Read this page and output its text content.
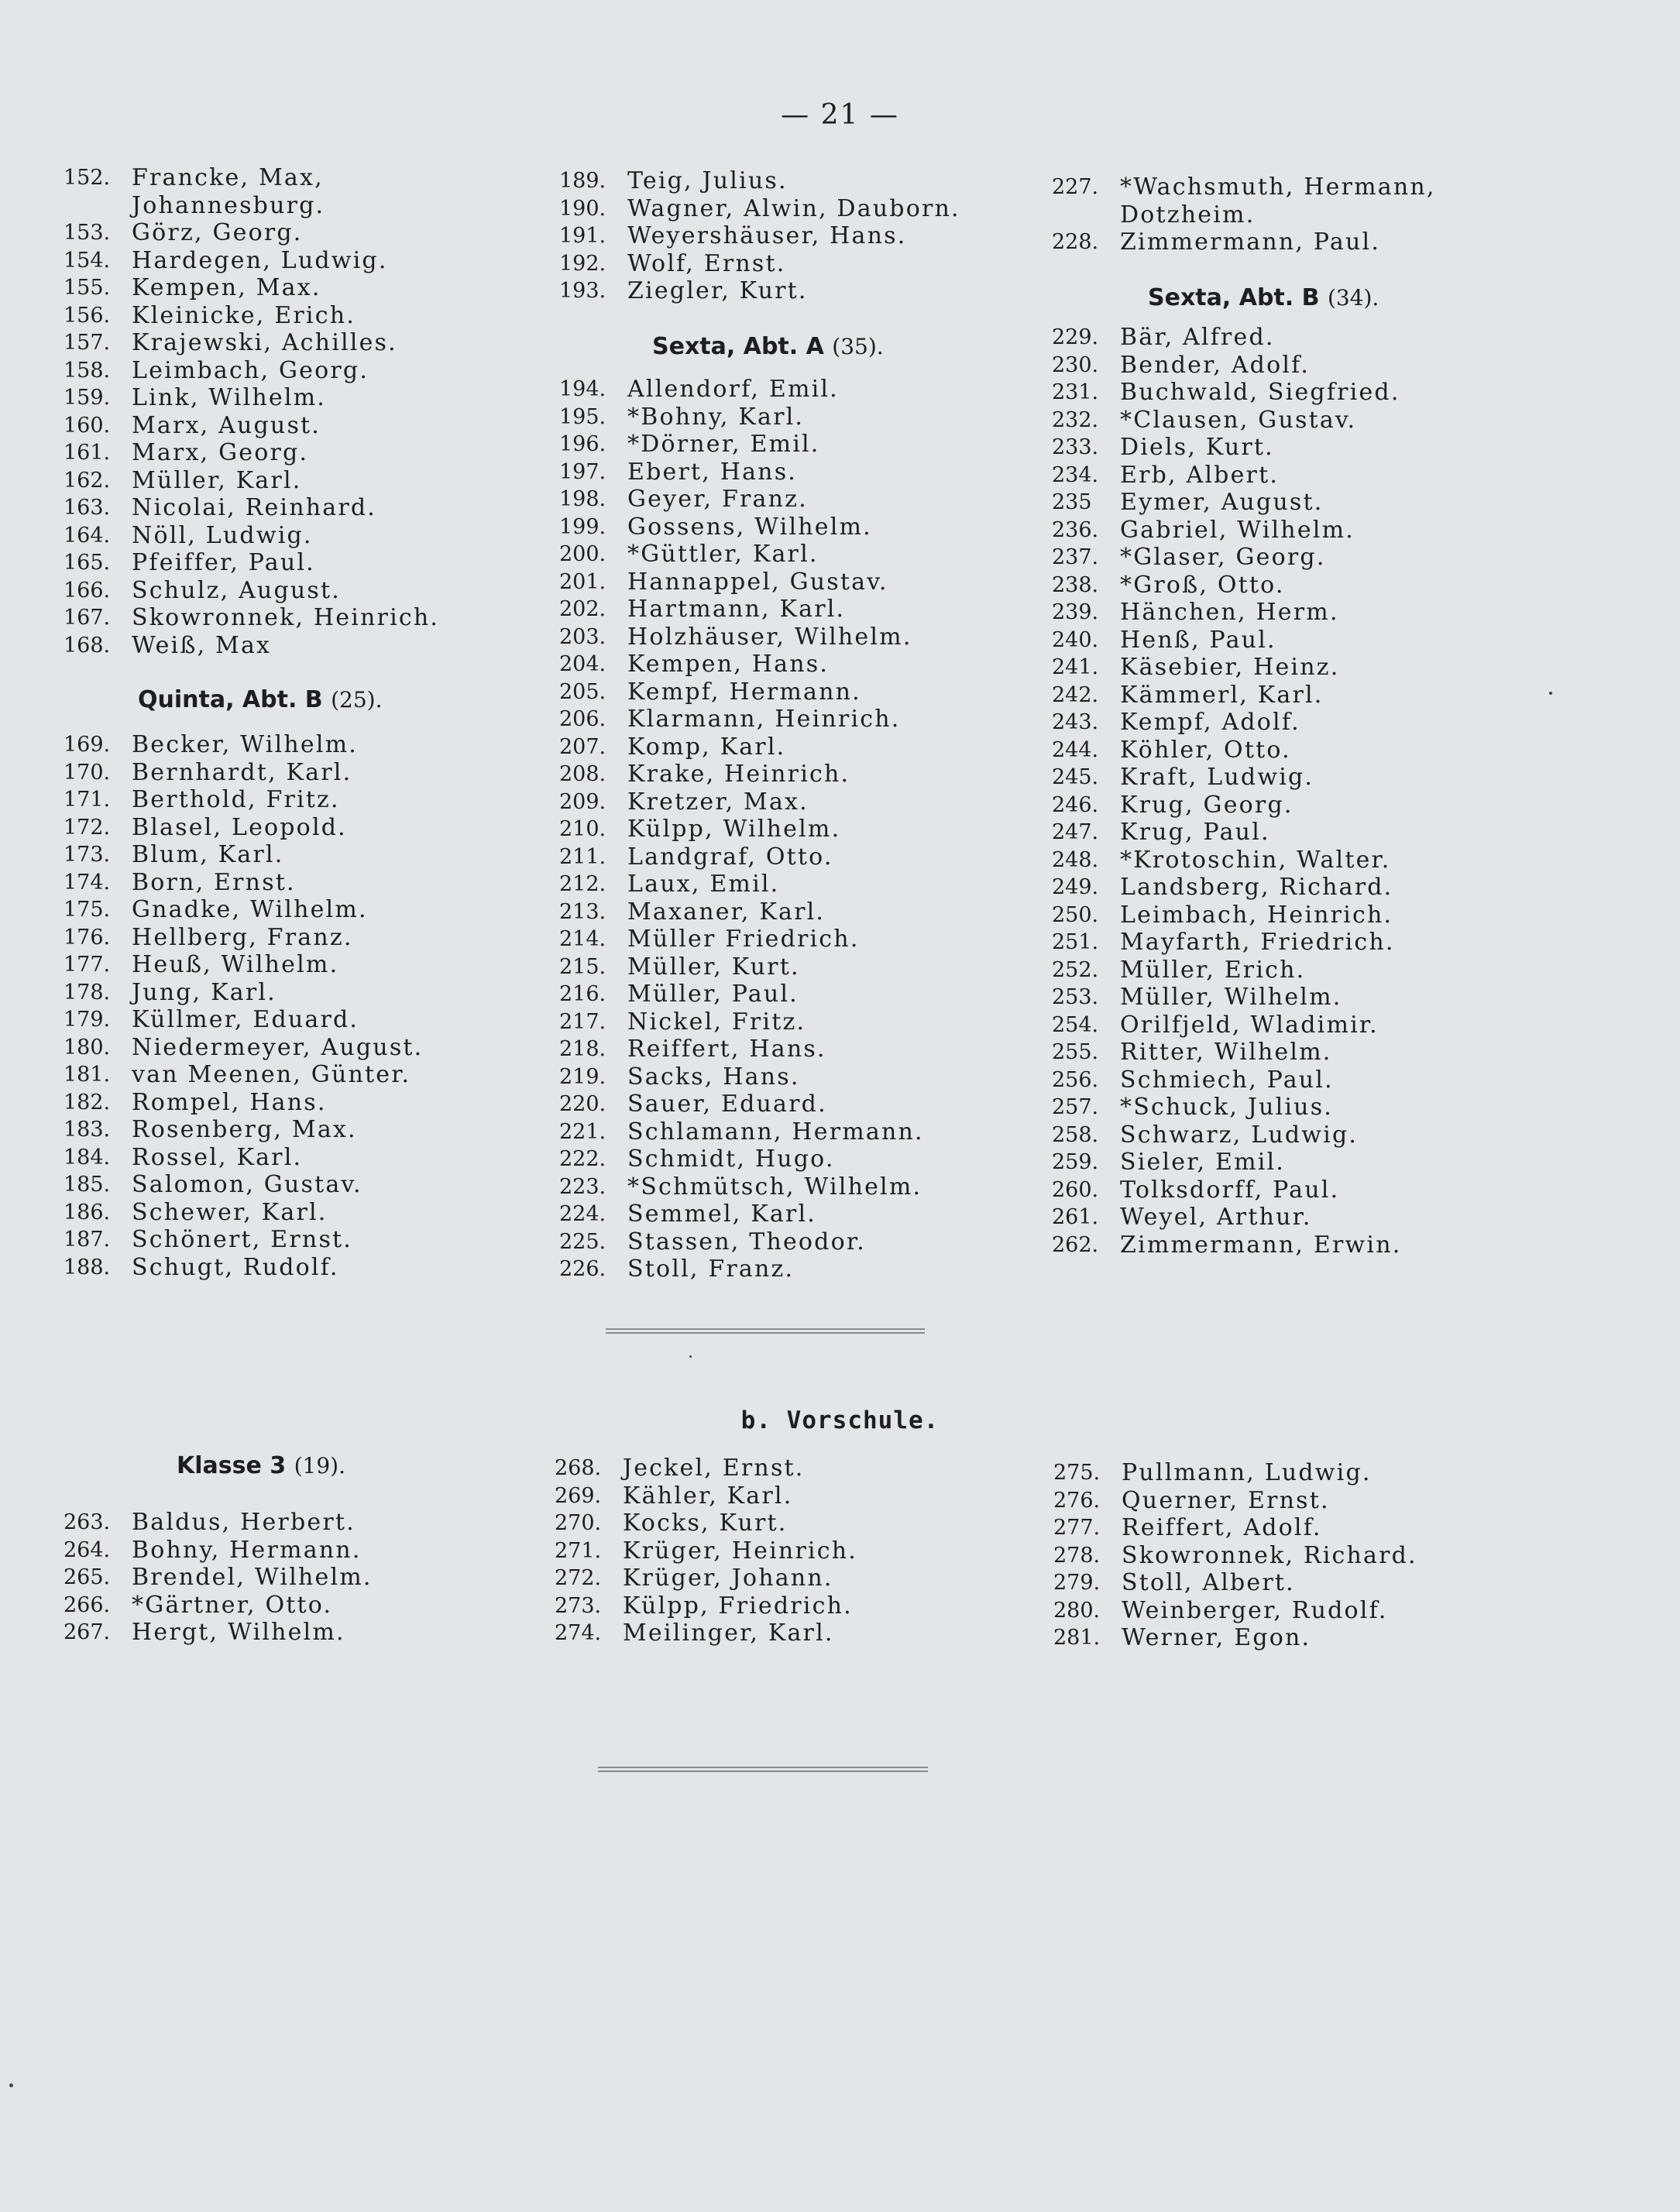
— 21 —
152. Francke, Max,
Johannesburg.
153. Görz, Georg.
154. Hardegen, Ludwig.
155. Kempen, Max.
156. Kleinicke, Erich.
157. Krajewski, Achilles.
158. Leimbach, Georg.
159. Link, Wilhelm.
160. Marx, August.
161. Marx, Georg.
162. Müller, Karl.
163. Nicolai, Reinhard.
164. Nöll, Ludwig.
165. Pfeiffer, Paul.
166. Schulz, August.
167. Skowronnek, Heinrich.
168. Weiß, Max
Quinta, Abt. B (25).
169. Becker, Wilhelm.
170. Bernhardt, Karl.
171. Berthold, Fritz.
172. Blasel, Leopold.
173. Blum, Karl.
174. Born, Ernst.
175. Gnadke, Wilhelm.
176. Hellberg, Franz.
177. Heuß, Wilhelm.
178. Jung, Karl.
179. Küllmer, Eduard.
180. Niedermeyer, August.
181. van Meenen, Günter.
182. Rompel, Hans.
183. Rosenberg, Max.
184. Rossel, Karl.
185. Salomon, Gustav.
186. Schewer, Karl.
187. Schönert, Ernst.
188. Schugt, Rudolf.
189. Teig, Julius.
190. Wagner, Alwin, Dauborn.
191. Weyershäuser, Hans.
192. Wolf, Ernst.
193. Ziegler, Kurt.
Sexta, Abt. A (35).
194. Allendorf, Emil.
195. *Bohny, Karl.
196. *Dörner, Emil.
197. Ebert, Hans.
198. Geyer, Franz.
199. Gossens, Wilhelm.
200. *Güttler, Karl.
201. Hannappel, Gustav.
202. Hartmann, Karl.
203. Holzhäuser, Wilhelm.
204. Kempen, Hans.
205. Kempf, Hermann.
206. Klarmann, Heinrich.
207. Komp, Karl.
208. Krake, Heinrich.
209. Kretzer, Max.
210. Külpp, Wilhelm.
211. Landgraf, Otto.
212. Laux, Emil.
213. Maxaner, Karl.
214. Müller Friedrich.
215. Müller, Kurt.
216. Müller, Paul.
217. Nickel, Fritz.
218. Reiffert, Hans.
219. Sacks, Hans.
220. Sauer, Eduard.
221. Schlamann, Hermann.
222. Schmidt, Hugo.
223. *Schmütsch, Wilhelm.
224. Semmel, Karl.
225. Stassen, Theodor.
226. Stoll, Franz.
227. *Wachsmuth, Hermann,
Dotzheim.
228. Zimmermann, Paul.
Sexta, Abt. B (34).
229. Bär, Alfred.
230. Bender, Adolf.
231. Buchwald, Siegfried.
232. *Clausen, Gustav.
233. Diels, Kurt.
234. Erb, Albert.
235	Eymer, August.
236. Gabriel, Wilhelm.
237. *Glaser, Georg.
238. *Groß, Otto.
239. Hänchen, Herm.
240. Henß, Paul.
241. Käsebier, Heinz.
242. Kämmerl, Karl.
243. Kempf, Adolf.
244. Köhler, Otto.
245. Kraft, Ludwig.
246. Krug, Georg.
247. Krug, Paul.
248. *Krotoschin, Walter.
249. Landsberg, Richard.
250. Leimbach, Heinrich.
251. Mayfarth, Friedrich.
252. Müller, Erich.
253. Müller, Wilhelm.
254. Orilfjeld, Wladimir.
255. Ritter, Wilhelm.
256. Schmiech, Paul.
257. *Schuck, Julius.
258. Schwarz, Ludwig.
259. Sieler, Emil.
260. Tolksdorff, Paul.
261. Weyel, Arthur.
262. Zimmermann, Erwin.
b. Vorschule.
Klasse 3 (19).
263. Baldus, Herbert.
264. Bohny, Hermann.
265. Brendel, Wilhelm.
266. *Gärtner, Otto.
267. Hergt, Wilhelm.
268. Jeckel, Ernst.
269. Kähler, Karl.
270. Kocks, Kurt.
271. Krüger, Heinrich.
272. Krüger, Johann.
273. Külpp, Friedrich.
274. Meilinger, Karl.
275. Pullmann, Ludwig.
276. Querner, Ernst.
277. Reiffert, Adolf.
278. Skowronnek, Richard.
279. Stoll, Albert.
280. Weinberger, Rudolf.
281. Werner, Egon.
